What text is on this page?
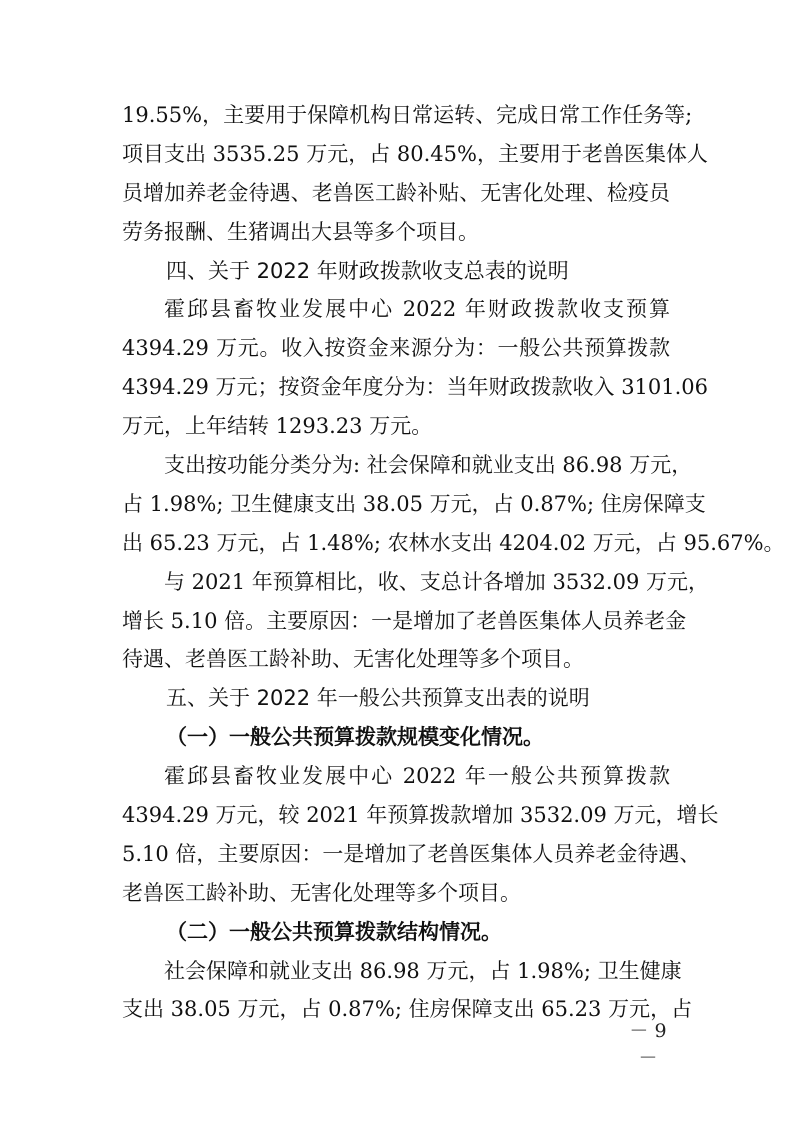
19.55%，主要用于保障机构日常运转、完成日常工作任务等;
项目支出 3535.25 万元，占 80.45%，主要用于老兽医集体人
员增加养老金待遇、老兽医工龄补贴、无害化处理、检疫员
劳务报酬、生猪调出大县等多个项目。
四、关于 2022 年财政拨款收支总表的说明
霍邱县畜牧业发展中心 2022 年财政拨款收支预算
4394.29 万元。收入按资金来源分为：一般公共预算拨款
4394.29 万元；按资金年度分为：当年财政拨款收入 3101.06
万元，上年结转 1293.23 万元。
支出按功能分类分为: 社会保障和就业支出 86.98 万元，
占 1.98%; 卫生健康支出 38.05 万元，占 0.87%; 住房保障支
出 65.23 万元，占 1.48%; 农林水支出 4204.02 万元，占 95.67%。
与 2021 年预算相比，收、支总计各增加 3532.09 万元，
增长 5.10 倍。主要原因：一是增加了老兽医集体人员养老金
待遇、老兽医工龄补助、无害化处理等多个项目。
五、关于 2022 年一般公共预算支出表的说明
（一）一般公共预算拨款规模变化情况。
霍邱县畜牧业发展中心 2022 年一般公共预算拨款
4394.29 万元，较 2021 年预算拨款增加 3532.09 万元，增长
5.10 倍，主要原因：一是增加了老兽医集体人员养老金待遇、
老兽医工龄补助、无害化处理等多个项目。
（二）一般公共预算拨款结构情况。
社会保障和就业支出 86.98 万元，占 1.98%; 卫生健康
支出 38.05 万元，占 0.87%; 住房保障支出 65.23 万元，占
－ 9 －
